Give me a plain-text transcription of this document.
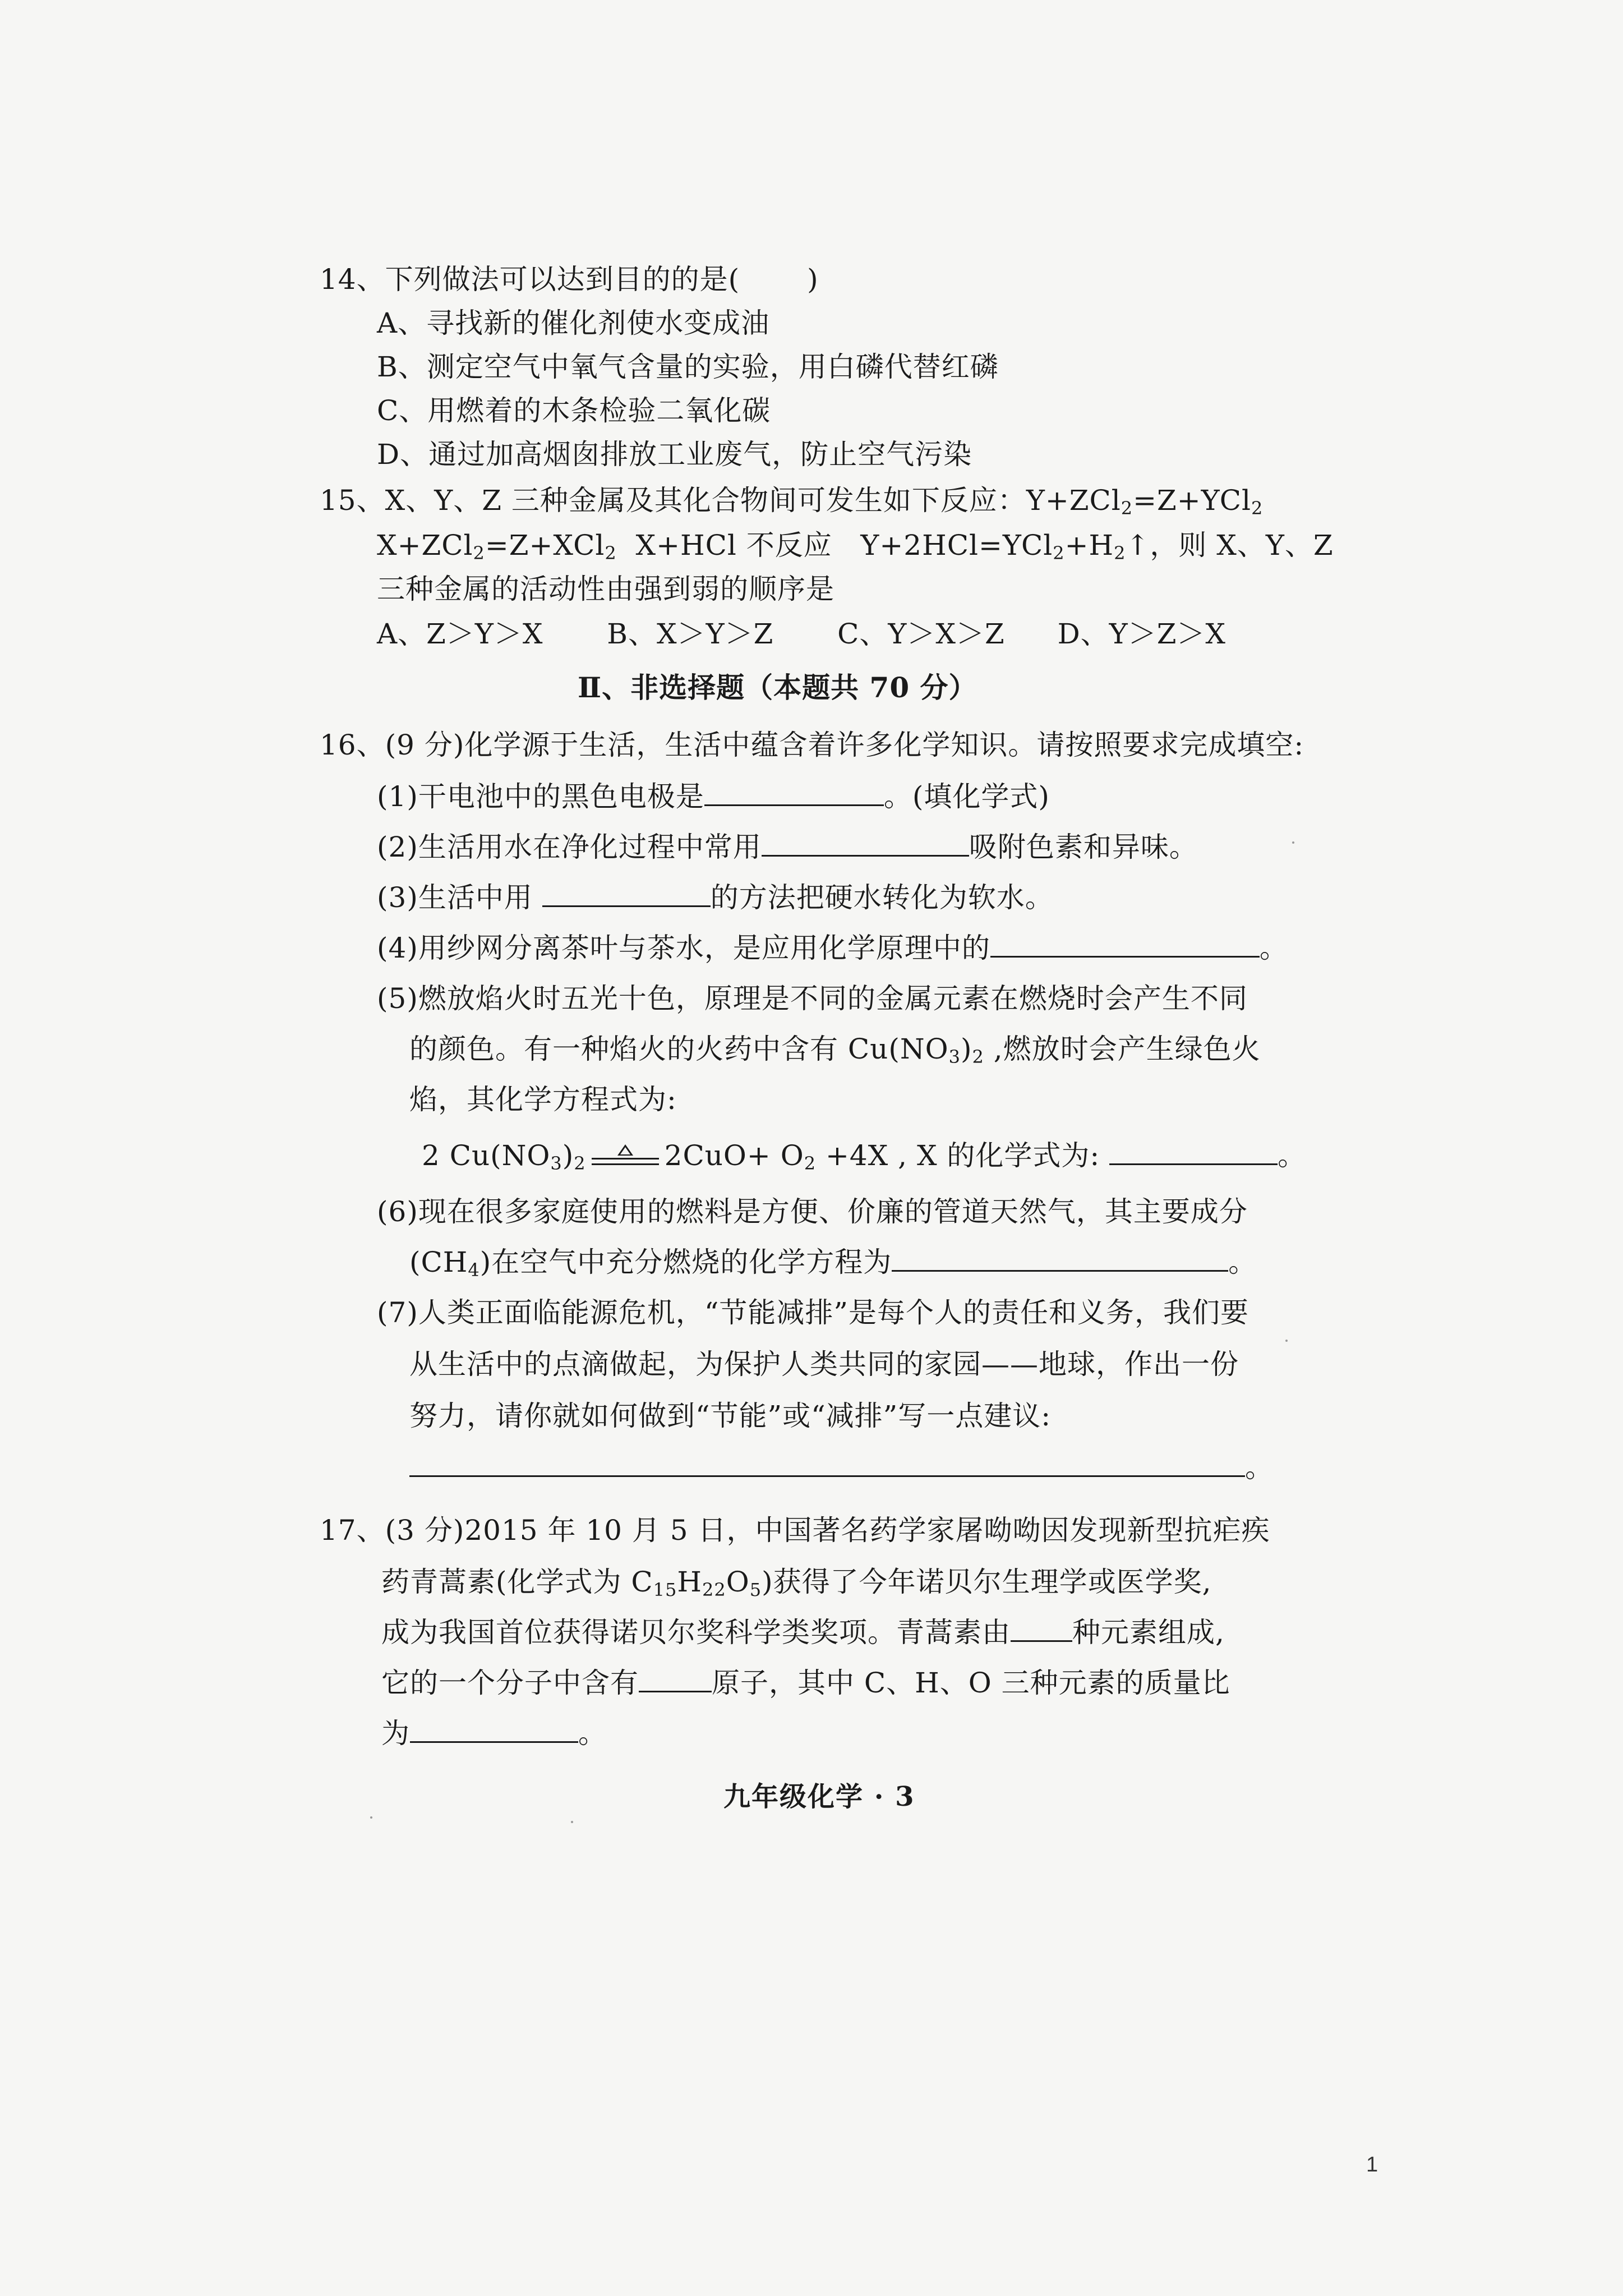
14、下列做法可以达到目的的是( )
A、寻找新的催化剂使水变成油
B、测定空气中氧气含量的实验，用白磷代替红磷
C、用燃着的木条检验二氧化碳
D、通过加高烟囱排放工业废气，防止空气污染
15、X、Y、Z 三种金属及其化合物间可发生如下反应：Y+ZCl$_2$=Z+YCl$_2$
X+ZCl$_2$=Z+XCl$_2$  X+HCl 不反应   $Y+2HCl=YCl_2+H_2↑$，则 X、Y、Z
三种金属的活动性由强到弱的顺序是
A、Z＞Y＞X B、X＞Y＞Z C、Y＞X＞Z D、Y＞Z＞X
Ⅱ、非选择题（本题共 70 分）
16、(9 分)化学源于生活，生活中蕴含着许多化学知识。请按照要求完成填空:
(1)干电池中的黑色电极是	。(填化学式)
(2)生活用水在净化过程中常用	吸附色素和异味。
(3)生活中用	的方法把硬水转化为软水。
(4)用纱网分离茶叶与茶水，是应用化学原理中的	。
(5)燃放焰火时五光十色，原理是不同的金属元素在燃烧时会产生不同
的颜色。有一种焰火的火药中含有 $Cu(NO_3)_2$ ,燃放时会产生绿色火
焰，其化学方程式为:
2 $Cu(NO_3)_2$	$2CuO+ O_2 +4X$ , X 的化学式为:	。
(6)现在很多家庭使用的燃料是方便、价廉的管道天然气，其主要成分
$(CH_4)$在空气中充分燃烧的化学方程为	。
(7)人类正面临能源危机，“节能减排”是每个人的责任和义务，我们要
从生活中的点滴做起，为保护人类共同的家园——地球，作出一份
努力，请你就如何做到“节能”或“减排”写一点建议:
。
17、(3 分)2015 年 10 月 5 日，中国著名药学家屠呦呦因发现新型抗疟疾
药青蒿素(化学式为 $C_{15}H_{22}O_5$)获得了今年诺贝尔生理学或医学奖,
成为我国首位获得诺贝尔奖科学类奖项。青蒿素由 种元素组成,
它的一个分子中含有	原子，其中 C、H、O 三种元素的质量比
为	。
九年级化学 · 3
1
